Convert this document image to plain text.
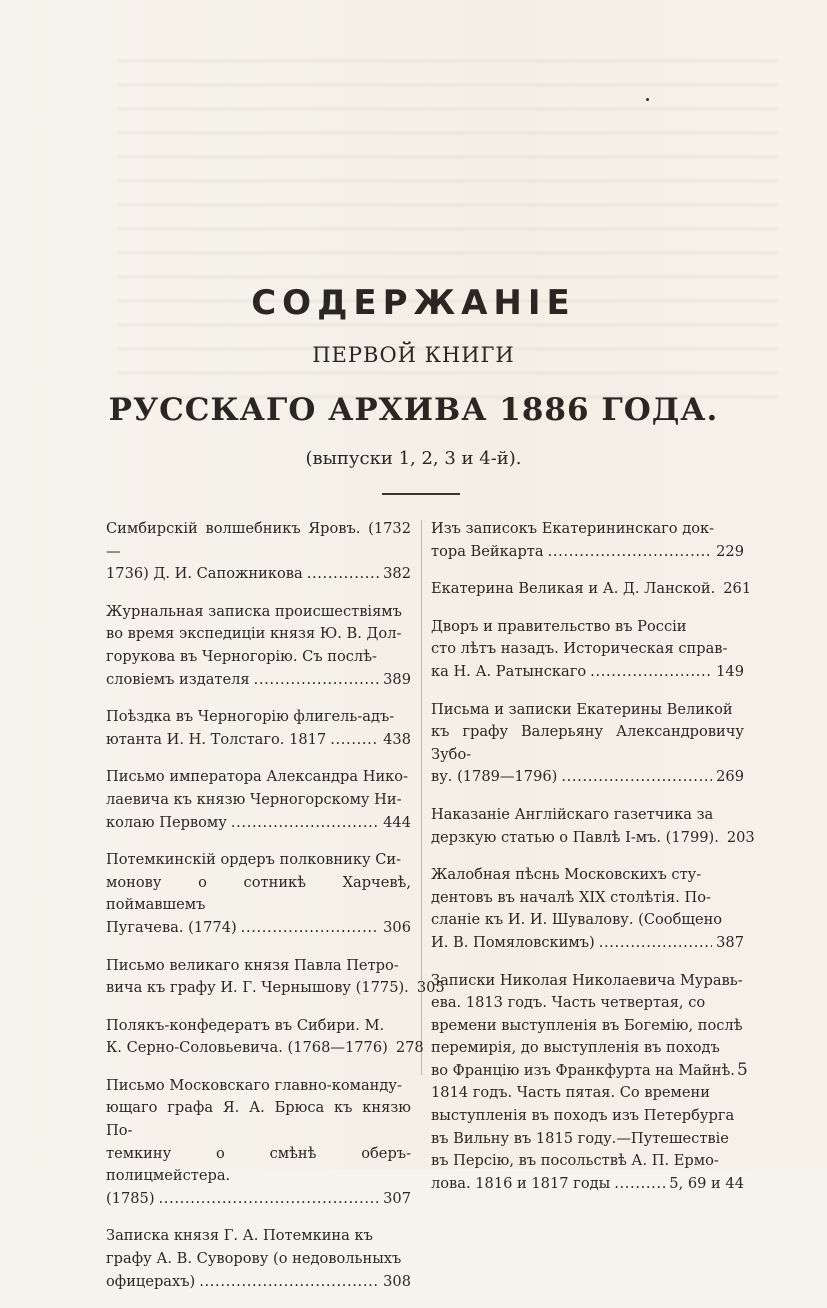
СОДЕРЖАНІЕ
ПЕРВОЙ КНИГИ
РУССКАГО АРХИВА 1886 ГОДА.
(выпуски 1, 2, 3 и 4-й).
Симбирскій волшебникъ Яровъ. (1732—
1736) Д. И. Сапожникова . . .	382
Журнальная записка происшествіямъ
во время экспедиціи князя Ю. В. Дол-
горукова въ Черногорію. Съ послѣ-
словіемъ издателя . . .	389
Поѣздка въ Черногорію флигель-адъ-
ютанта И. Н. Толстаго. 1817 . . .	438
Письмо императора Александра Нико-
лаевича къ князю Черногорскому Ни-
колаю Первому . . .	444
Потемкинскій ордеръ полковнику Си-
монову о сотникѣ Харчевѣ, поймавшемъ
Пугачева. (1774) . . .	306
Письмо великаго князя Павла Петро-
вича къ графу И. Г. Чернышову (1775). 305
Полякъ-конфедератъ въ Сибири. М.
К. Серно-Соловьевича. (1768—1776) 278
Письмо Московскаго главно-команду-
ющаго графа Я. А. Брюса къ князю По-
темкину о смѣнѣ оберъ-полицмейстера.
(1785) . . .	307
Записка князя Г. А. Потемкина къ
графу А. В. Суворову (о недовольныхъ
офицерахъ) . . .	308
Изъ записокъ Екатерининскаго док-
тора Вейкарта . . .	229
Екатерина Великая и А. Д. Ланской. 261
Дворъ и правительство въ Россіи
сто лѣтъ назадъ. Историческая справ-
ка Н. А. Ратынскаго . . .	149
Письма и записки Екатерины Великой
къ графу Валерьяну Александровичу Зубо-
ву. (1789—1796) . . .	269
Наказаніе Англійскаго газетчика за
дерзкую статью о Павлѣ I-мъ. (1799). 203
Жалобная пѣснь Московскихъ сту-
дентовъ въ началѣ XIX столѣтія. По-
сланіе къ И. И. Шувалову. (Сообщено
И. В. Помяловскимъ) . . .	387
Записки Николая Николаевича Муравь-
ева. 1813 годъ. Часть четвертая, со
времени выступленія въ Богемію, послѣ
перемирія, до выступленія въ походъ
во Францію изъ Франкфурта на Майнѣ.
1814 годъ. Часть пятая. Со времени
выступленія въ походъ изъ Петербурга
въ Вильну въ 1815 году.—Путешествіе
въ Персію, въ посольствѣ А. П. Ермо-
лова. 1816 и 1817 годы . . .	5, 69 и 44
5
